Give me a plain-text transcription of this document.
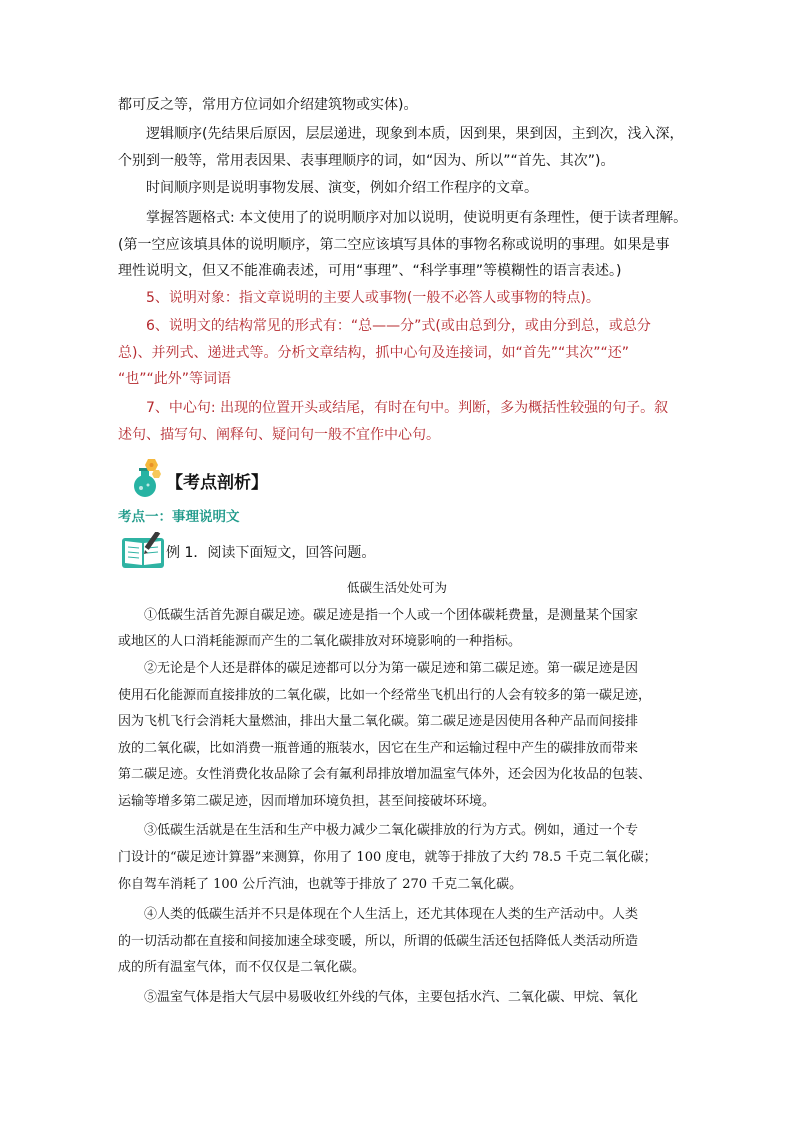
都可反之等，常用方位词如介绍建筑物或实体)。
逻辑顺序(先结果后原因，层层递进，现象到本质，因到果，果到因，主到次，浅入深，
个别到一般等，常用表因果、表事理顺序的词，如“因为、所以”“首先、其次”)。
时间顺序则是说明事物发展、演变，例如介绍工作程序的文章。
掌握答题格式: 本文使用了的说明顺序对加以说明，使说明更有条理性，便于读者理解。
(第一空应该填具体的说明顺序，第二空应该填写具体的事物名称或说明的事理。如果是事
理性说明文，但又不能准确表述，可用“事理”、“科学事理”等模糊性的语言表述。)
5、说明对象：指文章说明的主要人或事物(一般不必答人或事物的特点)。
6、说明文的结构常见的形式有：“总——分”式(或由总到分，或由分到总，或总分
总)、并列式、递进式等。分析文章结构，抓中心句及连接词，如“首先”“其次”“还”
“也”“此外”等词语
7、中心句: 出现的位置开头或结尾，有时在句中。判断，多为概括性较强的句子。叙
述句、描写句、阐释句、疑问句一般不宜作中心句。
【考点剖析】
考点一：事理说明文
例 1．阅读下面短文，回答问题。
低碳生活处处可为
①低碳生活首先源自碳足迹。碳足迹是指一个人或一个团体碳耗费量，是测量某个国家
或地区的人口消耗能源而产生的二氧化碳排放对环境影响的一种指标。
②无论是个人还是群体的碳足迹都可以分为第一碳足迹和第二碳足迹。第一碳足迹是因
使用石化能源而直接排放的二氧化碳，比如一个经常坐飞机出行的人会有较多的第一碳足迹，
因为飞机飞行会消耗大量燃油，排出大量二氧化碳。第二碳足迹是因使用各种产品而间接排
放的二氧化碳，比如消费一瓶普通的瓶装水，因它在生产和运输过程中产生的碳排放而带来
第二碳足迹。女性消费化妆品除了会有氟利昂排放增加温室气体外，还会因为化妆品的包装、
运输等增多第二碳足迹，因而增加环境负担，甚至间接破坏环境。
③低碳生活就是在生活和生产中极力减少二氧化碳排放的行为方式。例如，通过一个专
门设计的“碳足迹计算器”来测算，你用了 100 度电，就等于排放了大约 78.5 千克二氧化碳；
你自驾车消耗了 100 公斤汽油，也就等于排放了 270 千克二氧化碳。
④人类的低碳生活并不只是体现在个人生活上，还尤其体现在人类的生产活动中。人类
的一切活动都在直接和间接加速全球变暖，所以，所谓的低碳生活还包括降低人类活动所造
成的所有温室气体，而不仅仅是二氧化碳。
⑤温室气体是指大气层中易吸收红外线的气体，主要包括水汽、二氧化碳、甲烷、氧化
